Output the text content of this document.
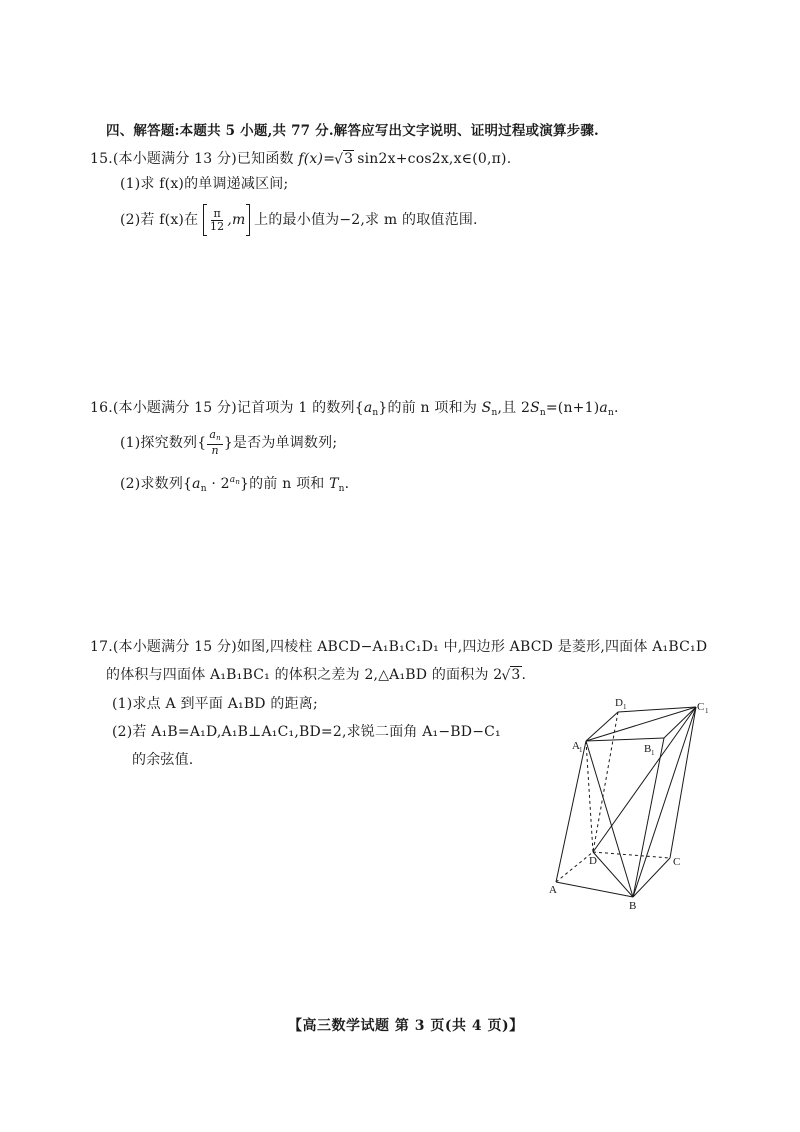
四、解答题:本题共 5 小题,共 77 分.解答应写出文字说明、证明过程或演算步骤.
15.(本小题满分 13 分)已知函数 f(x)= √ 3  sin2x+cos2x,x∈(0,π).
(1)求 f(x)的单调递减区间;
(2)若 f(x)在 $\frac{\pi}{12} ,m$ 上的最小值为−2,求 m 的取值范围.
16.(本小题满分 15 分)记首项为 1 的数列$\{a_n\}$的前 n 项和为 $S_n$,且 $2S_n=(n+1)a_n$.
(1)探究数列{ $\frac{an}{n}$ }是否为单调数列;
(2)求数列$\{a_n \cdot 2^{a_n}\}$的前 n 项和 $T_n$.
17.(本小题满分 15 分)如图,四棱柱 ABCD−A₁B₁C₁D₁ 中,四边形 ABCD 是菱形,四面体 A₁BC₁D
的体积与四面体 A₁B₁BC₁ 的体积之差为 2,△A₁BD 的面积为 2 √ 3.
(1)求点 A 到平面 A₁BD 的距离;
(2)若 A₁B=A₁D,A₁B⊥A₁C₁,BD=2,求锐二面角 A₁−BD−C₁
的余弦值.
A
B
C
D
A 1	B 1
C 1
D 1
【高三数学试题 第 3 页(共 4 页)】
